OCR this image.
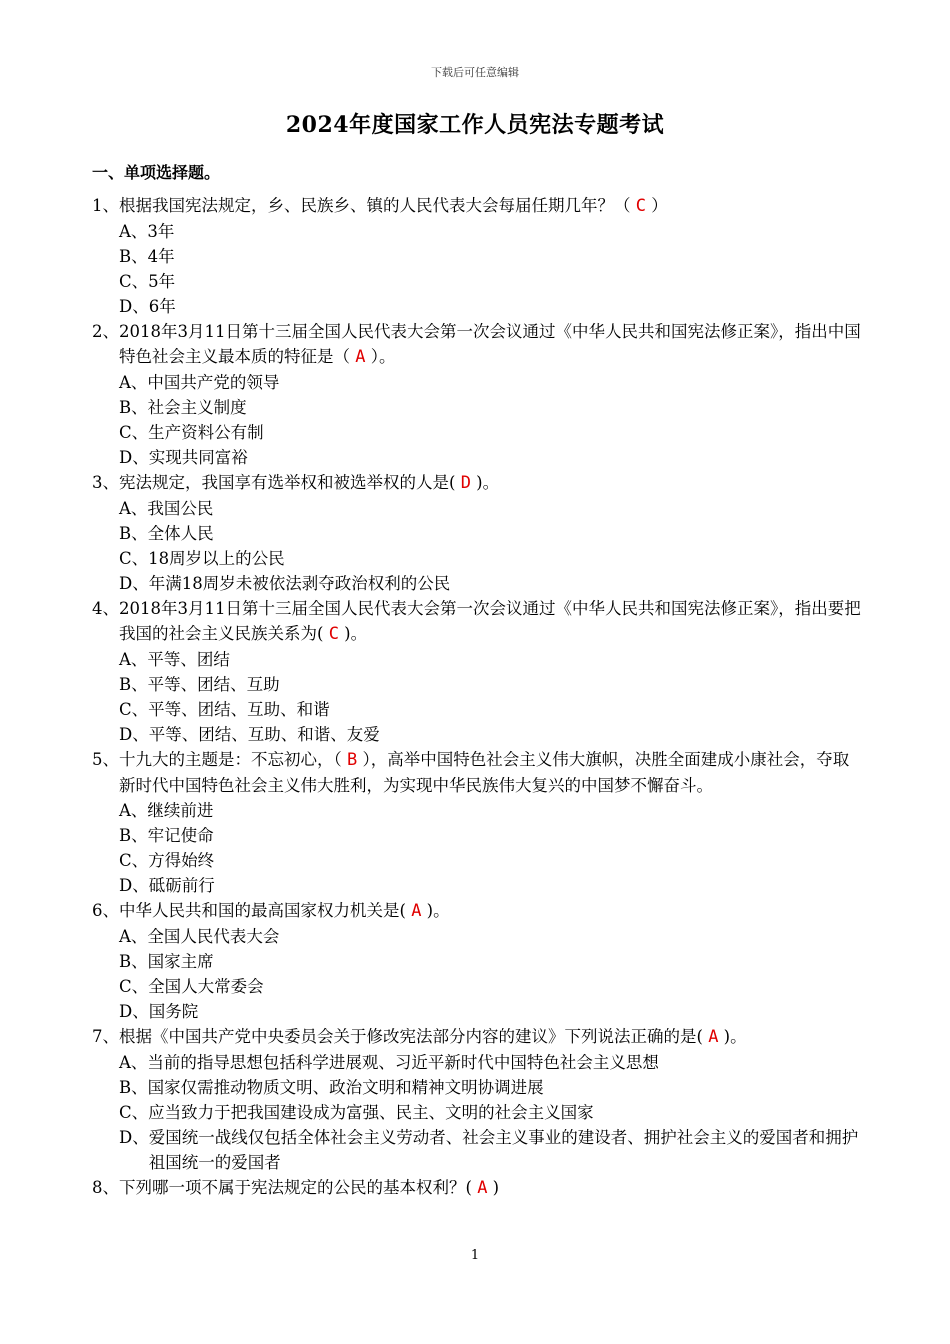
下载后可任意编辑
2024年度国家工作人员宪法专题考试
一、单项选择题。
1、 根据我国宪法规定，乡、民族乡、镇的人民代表大会每届任期几年？（ C ）
A、 3年
B、 4年
C、 5年
D、 6年
2、 2018年3月11日第十三届全国人民代表大会第一次会议通过《中华人民共和国宪法修正案》，指出中国特色社会主义最本质的特征是（ A ）。
A、 中国共产党的领导
B、 社会主义制度
C、 生产资料公有制
D、 实现共同富裕
3、 宪法规定，我国享有选举权和被选举权的人是( D )。
A、 我国公民
B、 全体人民
C、 18周岁以上的公民
D、 年满18周岁未被依法剥夺政治权利的公民
4、 2018年3月11日第十三届全国人民代表大会第一次会议通过《中华人民共和国宪法修正案》，指出要把我国的社会主义民族关系为( C )。
A、 平等、团结
B、 平等、团结、互助
C、 平等、团结、互助、和谐
D、 平等、团结、互助、和谐、友爱
5、 十九大的主题是：不忘初心，（ B ），高举中国特色社会主义伟大旗帜，决胜全面建成小康社会，夺取新时代中国特色社会主义伟大胜利，为实现中华民族伟大复兴的中国梦不懈奋斗。
A、 继续前进
B、 牢记使命
C、 方得始终
D、 砥砺前行
6、 中华人民共和国的最高国家权力机关是( A )。
A、 全国人民代表大会
B、 国家主席
C、 全国人大常委会
D、 国务院
7、 根据《中国共产党中央委员会关于修改宪法部分内容的建议》下列说法正确的是( A )。
A、 当前的指导思想包括科学进展观、习近平新时代中国特色社会主义思想
B、 国家仅需推动物质文明、政治文明和精神文明协调进展
C、 应当致力于把我国建设成为富强、民主、文明的社会主义国家
D、 爱国统一战线仅包括全体社会主义劳动者、社会主义事业的建设者、拥护社会主义的爱国者和拥护祖国统一的爱国者
8、 下列哪一项不属于宪法规定的公民的基本权利？( A )
1
